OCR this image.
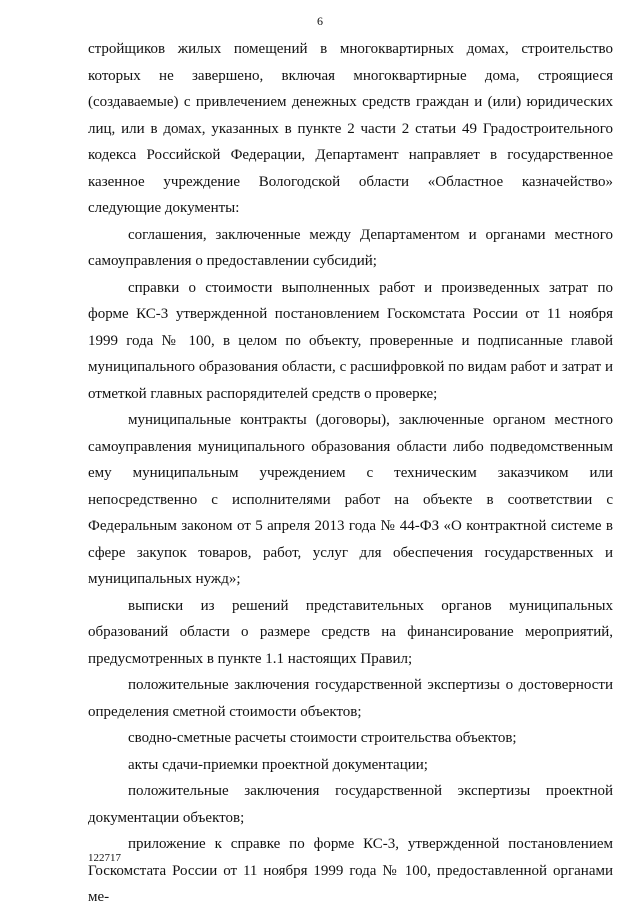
6

стройщиков жилых помещений в многоквартирных домах, строительство которых не завершено, включая многоквартирные дома, строящиеся (создаваемые) с привлечением денежных средств граждан и (или) юридических лиц, или в домах, указанных в пункте 2 части 2 статьи 49 Градостроительного кодекса Российской Федерации, Департамент направляет в государственное казенное учреждение Вологодской области «Областное казначейство» следующие документы:

соглашения, заключенные между Департаментом и органами местного самоуправления о предоставлении субсидий;

справки о стоимости выполненных работ и произведенных затрат по форме КС-3 утвержденной постановлением Госкомстата России от 11 ноября 1999 года № 100, в целом по объекту, проверенные и подписанные главой муниципального образования области, с расшифровкой по видам работ и затрат и отметкой главных распорядителей средств о проверке;

муниципальные контракты (договоры), заключенные органом местного самоуправления муниципального образования области либо подведомственным ему муниципальным учреждением с техническим заказчиком или непосредственно с исполнителями работ на объекте в соответствии с Федеральным законом от 5 апреля 2013 года № 44-ФЗ «О контрактной системе в сфере закупок товаров, работ, услуг для обеспечения государственных и муниципальных нужд»;

выписки из решений представительных органов муниципальных образований области о размере средств на финансирование мероприятий, предусмотренных в пункте 1.1 настоящих Правил;

положительные заключения государственной экспертизы о достоверности определения сметной стоимости объектов;

сводно-сметные расчеты стоимости строительства объектов;

акты сдачи-приемки проектной документации;

положительные заключения государственной экспертизы проектной документации объектов;

приложение к справке по форме КС-3, утвержденной постановлением Госкомстата России от 11 ноября 1999 года № 100, предоставленной органами ме-

122717
